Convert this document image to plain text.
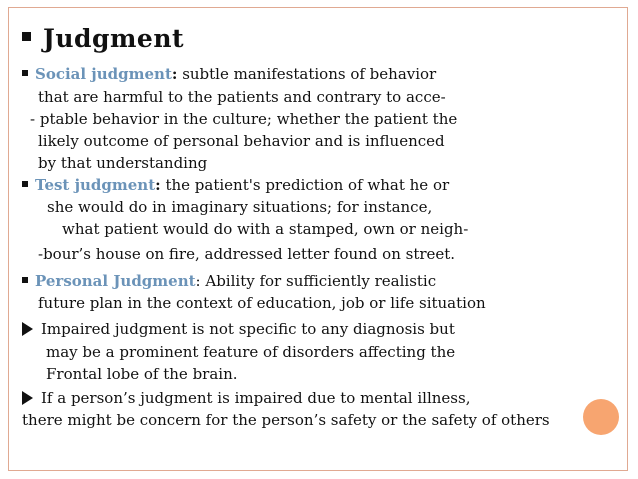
Judgment
Social judgment: subtle manifestations of behavior
that are harmful to the patients and contrary to acce-
- ptable behavior in the culture; whether the patient the
likely outcome of personal behavior and is influenced
by that understanding
Test judgment: the patient's prediction of what he or
she would do in imaginary situations; for instance,
what patient would do with a stamped, own or neigh-
-bour’s house on fire, addressed letter found on street.
Personal Judgment: Ability for sufficiently realistic
future plan in the context of education, job or life situation
Impaired judgment is not specific to any diagnosis but
may be a prominent feature of disorders affecting the
Frontal lobe of the brain.
If a person’s judgment is impaired due to mental illness,
there might be concern for the person’s safety or the safety of others
